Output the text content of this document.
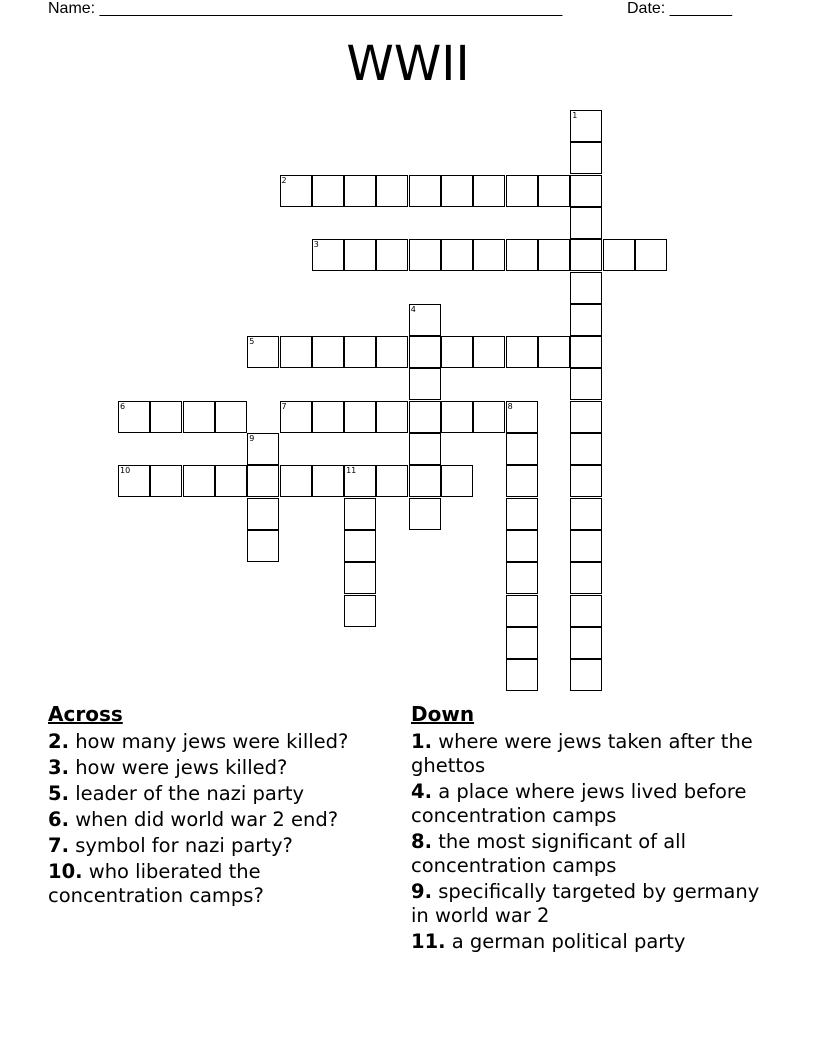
Name: ____________________________________________________	Date: _______
WWII
1
2
3
4
5
6	7	8
9
10	11
Across
2. how many jews were killed?
3. how were jews killed?
5. leader of the nazi party
6. when did world war 2 end?
7. symbol for nazi party?
10. who liberated the concentration camps?
Down
1. where were jews taken after the ghettos
4. a place where jews lived before concentration camps
8. the most significant of all concentration camps
9. specifically targeted by germany in world war 2
11. a german political party
